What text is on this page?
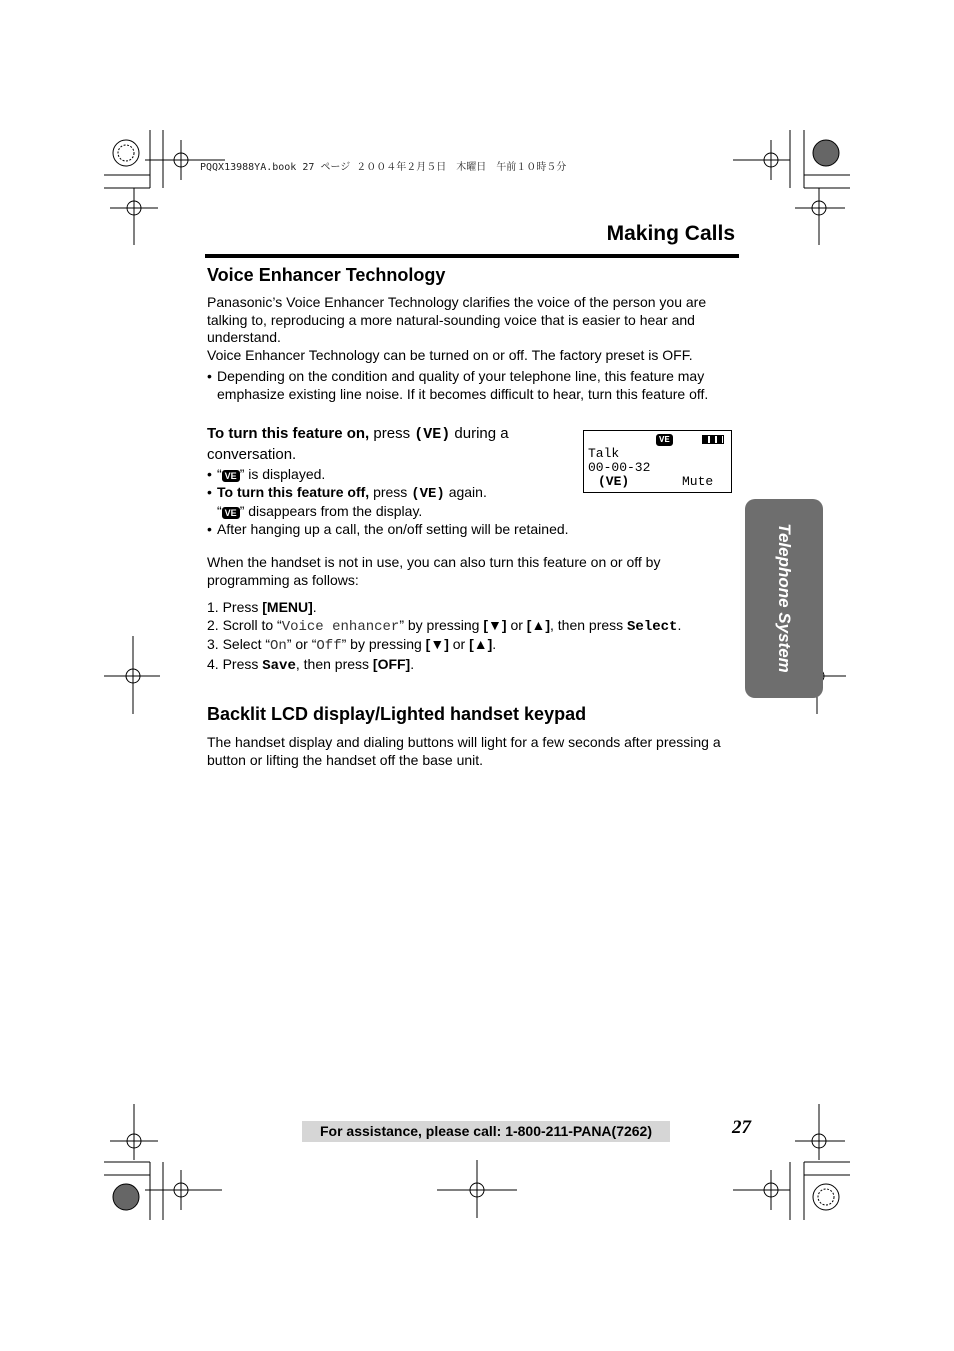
PQQX13988YA.book 27 ページ ２００４年２月５日　木曜日　午前１０時５分
Making Calls
Telephone System
Voice Enhancer Technology

Panasonic’s Voice Enhancer Technology clarifies the voice of the person you are talking to, reproducing a more natural-sounding voice that is easier to hear and understand.

Voice Enhancer Technology can be turned on or off. The factory preset is OFF.

• Depending on the condition and quality of your telephone line, this feature may emphasize existing line noise. If it becomes difficult to hear, turn this feature off.

To turn this feature on, press (VE) during a conversation.

• “ VE ” is displayed.

• To turn this feature off, press (VE) again.
“ VE ” disappears from the display.

• After hanging up a call, the on/off setting will be retained.

VE
Talk
00-00-32
(VE)	Mute
When the handset is not in use, you can also turn this feature on or off by programming as follows:

1. Press [MENU].

2. Scroll to “Voice enhancer” by pressing [▼] or [▲], then press Select.

3. Select “On” or “Off” by pressing [▼] or [▲].

4. Press Save, then press [OFF].

Backlit LCD display/Lighted handset keypad
The handset display and dialing buttons will light for a few seconds after pressing a button or lifting the handset off the base unit.
For assistance, please call: 1-800-211-PANA(7262)	27
